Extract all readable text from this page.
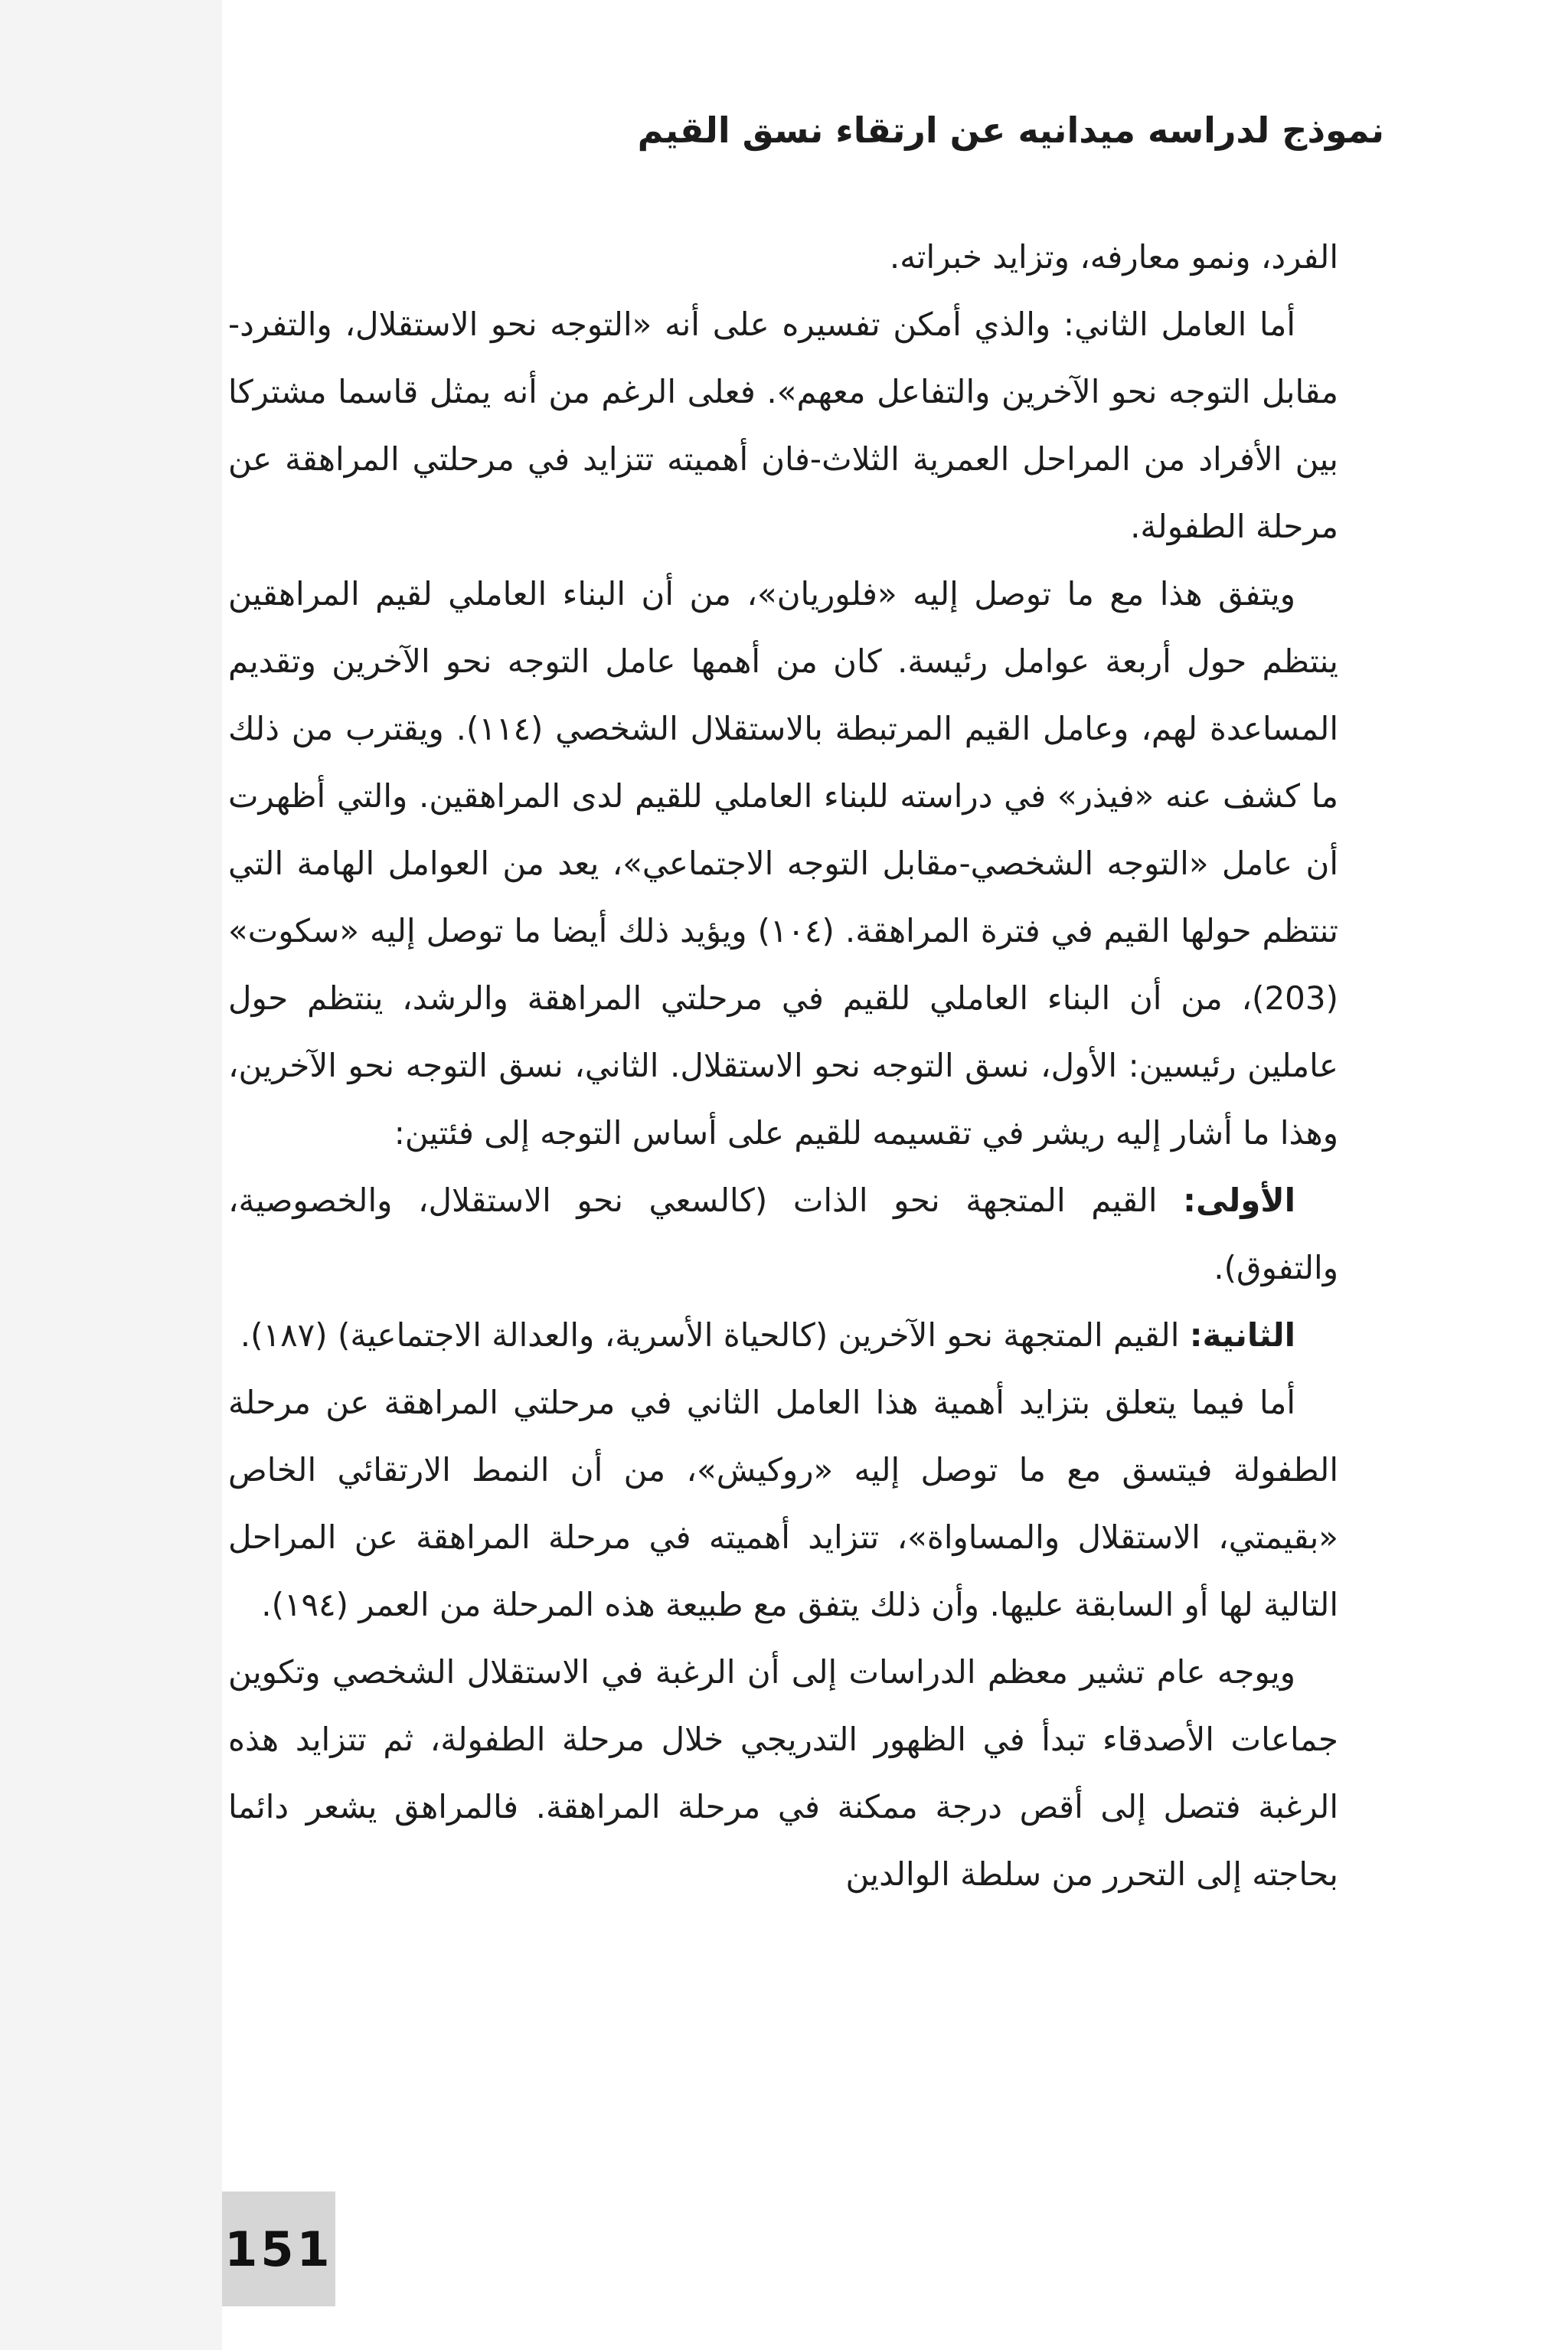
نموذج لدراسه ميدانيه عن ارتقاء نسق القيم

الفرد، ونمو معارفه، وتزايد خبراته.

أما العامل الثاني: والذي أمكن تفسيره على أنه «التوجه نحو الاستقلال، والتفرد-مقابل التوجه نحو الآخرين والتفاعل معهم». فعلى الرغم من أنه يمثل قاسما مشتركا بين الأفراد من المراحل العمرية الثلاث-فان أهميته تتزايد في مرحلتي المراهقة عن مرحلة الطفولة.

ويتفق هذا مع ما توصل إليه «فلوريان»، من أن البناء العاملي لقيم المراهقين ينتظم حول أربعة عوامل رئيسة. كان من أهمها عامل التوجه نحو الآخرين وتقديم المساعدة لهم، وعامل القيم المرتبطة بالاستقلال الشخصي (١١٤). ويقترب من ذلك ما كشف عنه «فيذر» في دراسته للبناء العاملي للقيم لدى المراهقين. والتي أظهرت أن عامل «التوجه الشخصي-مقابل التوجه الاجتماعي»، يعد من العوامل الهامة التي تنتظم حولها القيم في فترة المراهقة. (١٠٤) ويؤيد ذلك أيضا ما توصل إليه «سكوت» (203)، من أن البناء العاملي للقيم في مرحلتي المراهقة والرشد، ينتظم حول عاملين رئيسين: الأول، نسق التوجه نحو الاستقلال. الثاني، نسق التوجه نحو الآخرين، وهذا ما أشار إليه ريشر في تقسيمه للقيم على أساس التوجه إلى فئتين:

الأولى: القيم المتجهة نحو الذات (كالسعي نحو الاستقلال، والخصوصية، والتفوق).

الثانية: القيم المتجهة نحو الآخرين (كالحياة الأسرية، والعدالة الاجتماعية) (١٨٧).

أما فيما يتعلق بتزايد أهمية هذا العامل الثاني في مرحلتي المراهقة عن مرحلة الطفولة فيتسق مع ما توصل إليه «روكيش»، من أن النمط الارتقائي الخاص «بقيمتي، الاستقلال والمساواة»، تتزايد أهميته في مرحلة المراهقة عن المراحل التالية لها أو السابقة عليها. وأن ذلك يتفق مع طبيعة هذه المرحلة من العمر (١٩٤).

ويوجه عام تشير معظم الدراسات إلى أن الرغبة في الاستقلال الشخصي وتكوين جماعات الأصدقاء تبدأ في الظهور التدريجي خلال مرحلة الطفولة، ثم تتزايد هذه الرغبة فتصل إلى أقص درجة ممكنة في مرحلة المراهقة. فالمراهق يشعر دائما بحاجته إلى التحرر من سلطة الوالدين

151
